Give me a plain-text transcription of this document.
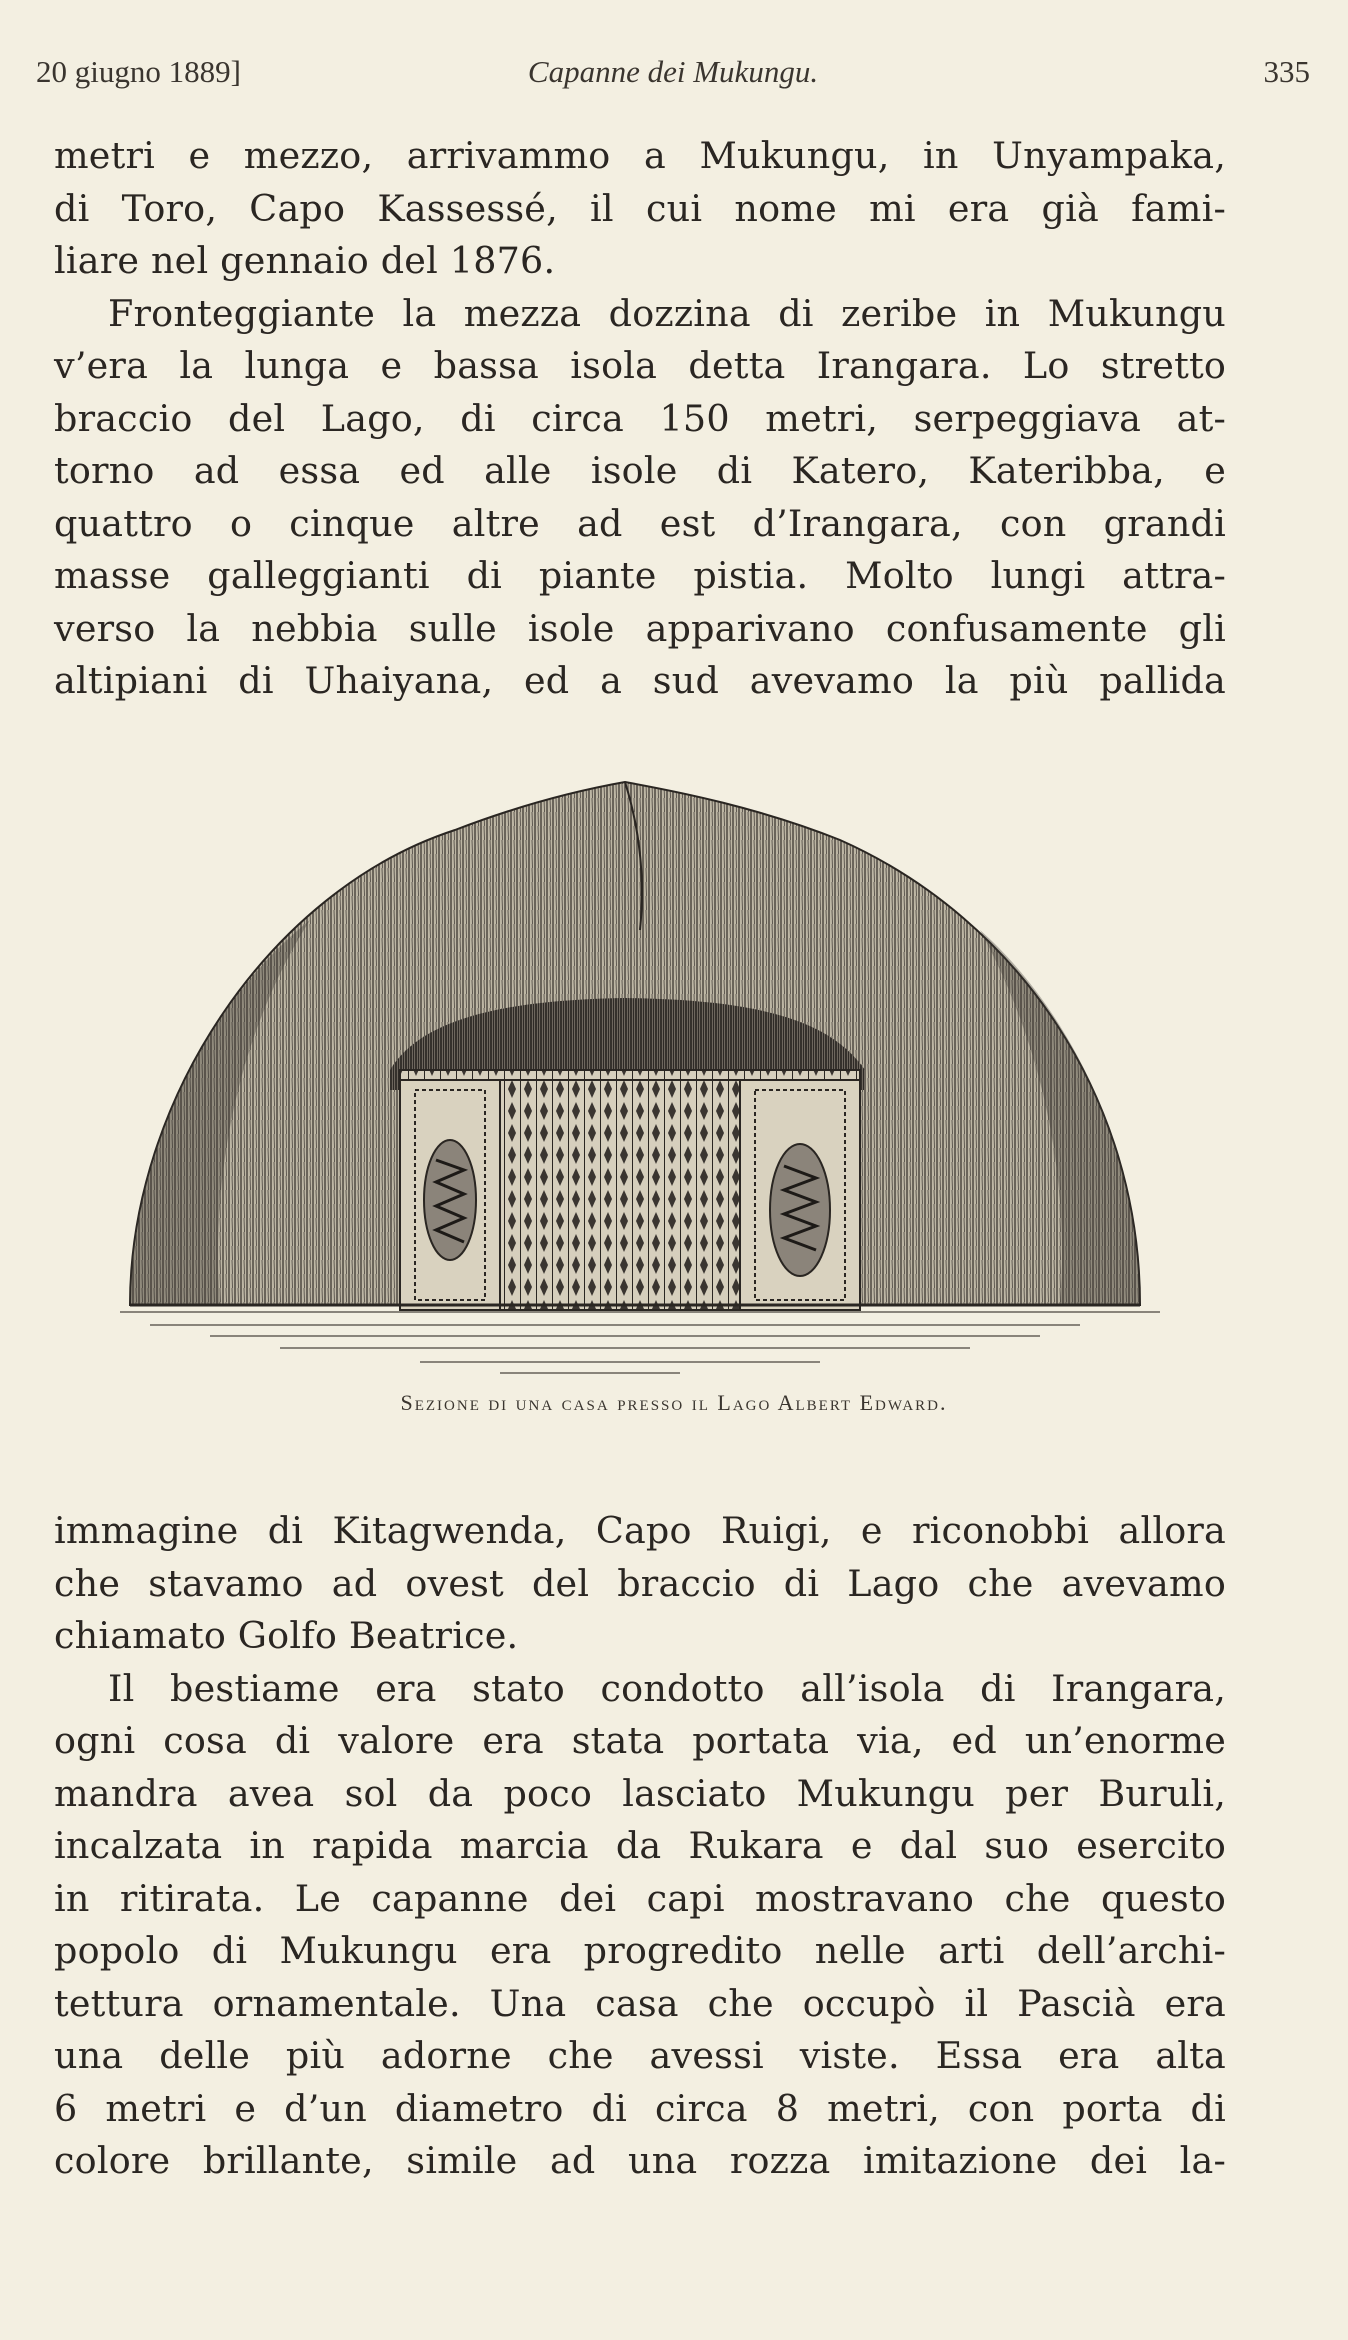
20 giugno 1889]	Capanne dei Mukungu.	335

metri e mezzo, arrivammo a Mukungu, in Unyampaka,
di Toro, Capo Kassessé, il cui nome mi era già fami-
liare nel gennaio del 1876.

Fronteggiante la mezza dozzina di zeribe in Mukungu
v’era la lunga e bassa isola detta Irangara. Lo stretto
braccio del Lago, di circa 150 metri, serpeggiava at-
torno ad essa ed alle isole di Katero, Kateribba, e
quattro o cinque altre ad est d’Irangara, con grandi
masse galleggianti di piante pistia. Molto lungi attra-
verso la nebbia sulle isole apparivano confusamente gli
altipiani di Uhaiyana, ed a sud avevamo la più pallida

Sezione di una casa presso il Lago Albert Edward.

immagine di Kitagwenda, Capo Ruigi, e riconobbi allora
che stavamo ad ovest del braccio di Lago che avevamo
chiamato Golfo Beatrice.

Il bestiame era stato condotto all’isola di Irangara,
ogni cosa di valore era stata portata via, ed un’enorme
mandra avea sol da poco lasciato Mukungu per Buruli,
incalzata in rapida marcia da Rukara e dal suo esercito
in ritirata. Le capanne dei capi mostravano che questo
popolo di Mukungu era progredito nelle arti dell’archi-
tettura ornamentale. Una casa che occupò il Pascià era
una delle più adorne che avessi viste. Essa era alta
6 metri e d’un diametro di circa 8 metri, con porta di
colore brillante, simile ad una rozza imitazione dei la-
